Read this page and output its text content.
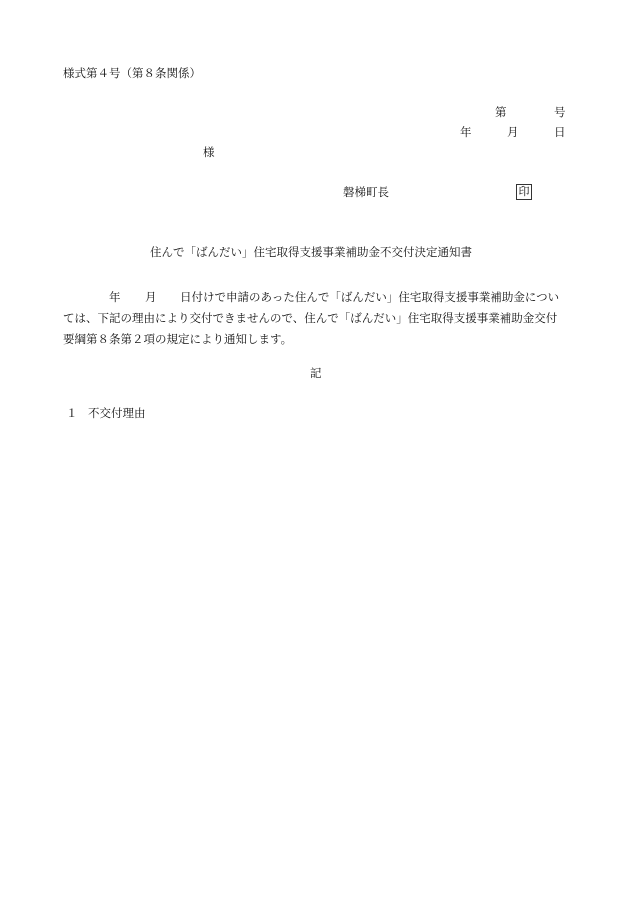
様式第４号（第８条関係）
第	号
年	月	日
様
磐梯町長	印
住んで「ばんだい」住宅取得支援事業補助金不交付決定通知書
年 月 日付けで申請のあった住んで「ばんだい」住宅取得支援事業補助金につい
ては、下記の理由により交付できませんので、住んで「ばんだい」住宅取得支援事業補助金交付
要綱第８条第２項の規定により通知します。
記
１ 不交付理由
